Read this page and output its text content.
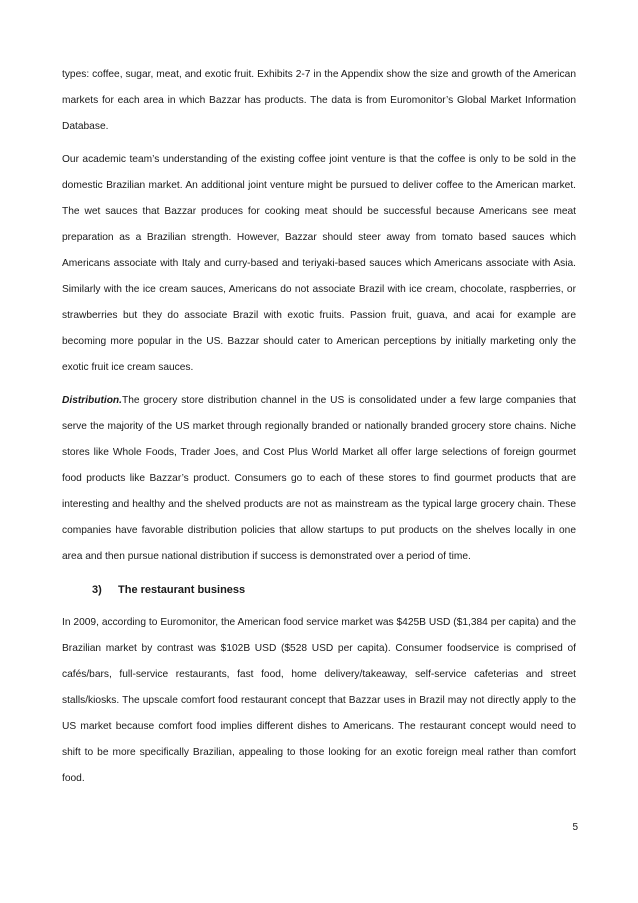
types: coffee, sugar, meat, and exotic fruit. Exhibits 2-7 in the Appendix show the size and growth of the American markets for each area in which Bazzar has products. The data is from Euromonitor’s Global Market Information Database.

Our academic team’s understanding of the existing coffee joint venture is that the coffee is only to be sold in the domestic Brazilian market. An additional joint venture might be pursued to deliver coffee to the American market. The wet sauces that Bazzar produces for cooking meat should be successful because Americans see meat preparation as a Brazilian strength. However, Bazzar should steer away from tomato based sauces which Americans associate with Italy and curry-based and teriyaki-based sauces which Americans associate with Asia. Similarly with the ice cream sauces, Americans do not associate Brazil with ice cream, chocolate, raspberries, or strawberries but they do associate Brazil with exotic fruits. Passion fruit, guava, and acai for example are becoming more popular in the US. Bazzar should cater to American perceptions by initially marketing only the exotic fruit ice cream sauces.

Distribution.The grocery store distribution channel in the US is consolidated under a few large companies that serve the majority of the US market through regionally branded or nationally branded grocery store chains. Niche stores like Whole Foods, Trader Joes, and Cost Plus World Market all offer large selections of foreign gourmet food products like Bazzar’s product. Consumers go to each of these stores to find gourmet products that are interesting and healthy and the shelved products are not as mainstream as the typical large grocery chain. These companies have favorable distribution policies that allow startups to put products on the shelves locally in one area and then pursue national distribution if success is demonstrated over a period of time.

3) The restaurant business

In 2009, according to Euromonitor, the American food service market was $425B USD ($1,384 per capita) and the Brazilian market by contrast was $102B USD ($528 USD per capita). Consumer foodservice is comprised of cafés/bars, full-service restaurants, fast food, home delivery/takeaway, self-service cafeterias and street stalls/kiosks. The upscale comfort food restaurant concept that Bazzar uses in Brazil may not directly apply to the US market because comfort food implies different dishes to Americans. The restaurant concept would need to shift to be more specifically Brazilian, appealing to those looking for an exotic foreign meal rather than comfort food.

5
